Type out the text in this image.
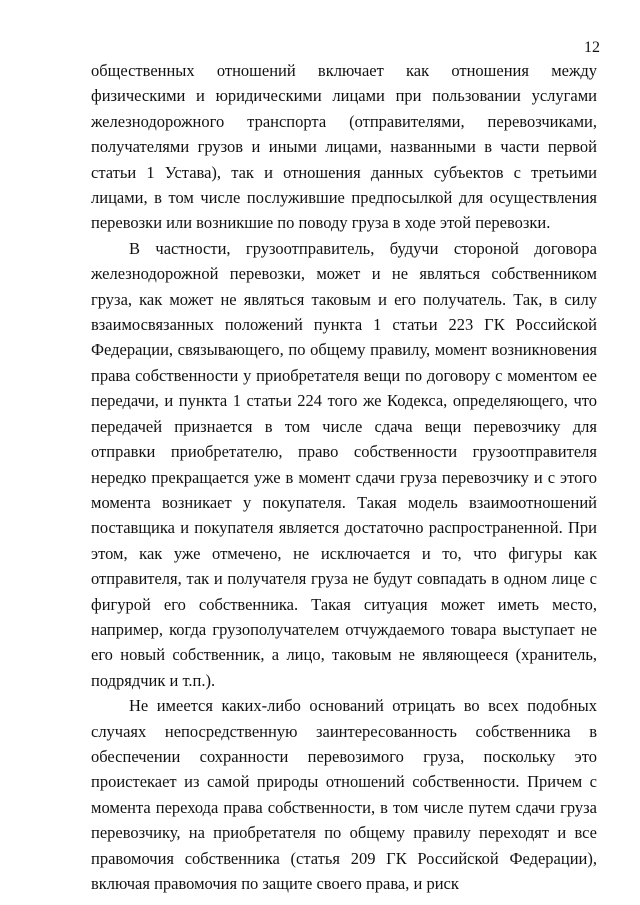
12

общественных отношений включает как отношения между физическими и юридическими лицами при пользовании услугами железнодорожного транспорта (отправителями, перевозчиками, получателями грузов и иными лицами, названными в части первой статьи 1 Устава), так и отношения данных субъектов с третьими лицами, в том числе послужившие предпосылкой для осуществления перевозки или возникшие по поводу груза в ходе этой перевозки.

В частности, грузоотправитель, будучи стороной договора железнодорожной перевозки, может и не являться собственником груза, как может не являться таковым и его получатель. Так, в силу взаимосвязанных положений пункта 1 статьи 223 ГК Российской Федерации, связывающего, по общему правилу, момент возникновения права собственности у приобретателя вещи по договору с моментом ее передачи, и пункта 1 статьи 224 того же Кодекса, определяющего, что передачей признается в том числе сдача вещи перевозчику для отправки приобретателю, право собственности грузоотправителя нередко прекращается уже в момент сдачи груза перевозчику и с этого момента возникает у покупателя. Такая модель взаимоотношений поставщика и покупателя является достаточно распространенной. При этом, как уже отмечено, не исключается и то, что фигуры как отправителя, так и получателя груза не будут совпадать в одном лице с фигурой его собственника. Такая ситуация может иметь место, например, когда грузополучателем отчуждаемого товара выступает не его новый собственник, а лицо, таковым не являющееся (хранитель, подрядчик и т.п.).

Не имеется каких-либо оснований отрицать во всех подобных случаях непосредственную заинтересованность собственника в обеспечении сохранности перевозимого груза, поскольку это проистекает из самой природы отношений собственности. Причем с момента перехода права собственности, в том числе путем сдачи груза перевозчику, на приобретателя по общему правилу переходят и все правомочия собственника (статья 209 ГК Российской Федерации), включая правомочия по защите своего права, и риск
